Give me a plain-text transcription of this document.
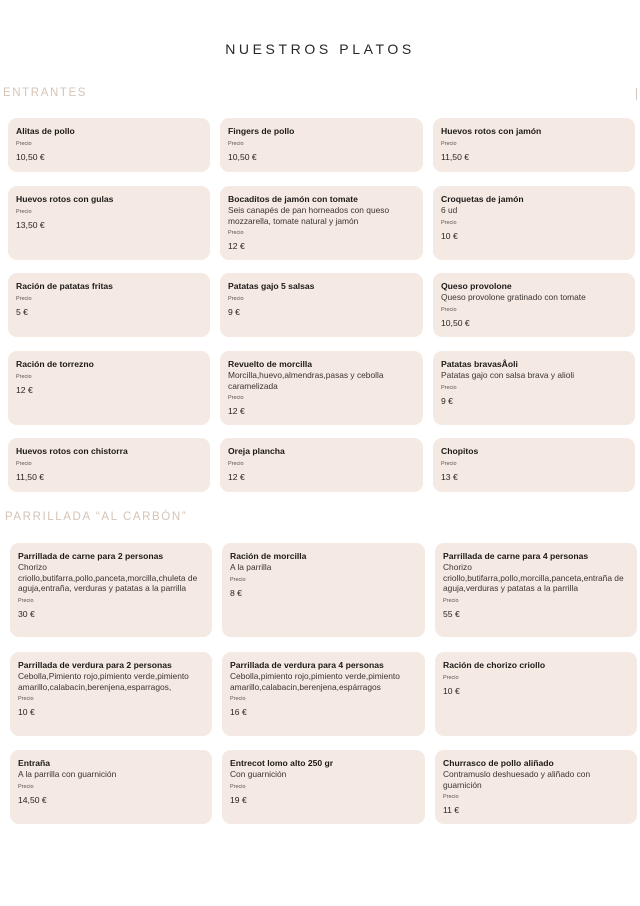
NUESTROS PLATOS
ENTRANTES
PARRILLADA “AL CARBÓN”
Alitas de pollo
Precio
10,50 €
Fingers de pollo
Precio
10,50 €
Huevos rotos con jamón
Precio
11,50 €
Huevos rotos con gulas
Precio
13,50 €
Bocaditos de jamón con tomate
Seis canapés de pan horneados con queso mozzarella, tomate natural y jamón
Precio
12 €
Croquetas de jamón
6 ud
Precio
10 €
Ración de patatas fritas
Precio
5 €
Patatas gajo 5 salsas
Precio
9 €
Queso provolone
Queso provolone gratinado con tomate
Precio
10,50 €
Ración de torrezno
Precio
12 €
Revuelto de morcilla
Morcilla,huevo,almendras,pasas y cebolla caramelizada
Precio
12 €
Patatas bravasÂoli
Patatas gajo con salsa brava y alioli
Precio
9 €
Huevos rotos con chistorra
Precio
11,50 €
Oreja plancha
Precio
12 €
Chopitos
Precio
13 €
Parrillada de carne para 2 personas
Chorizo criollo,butifarra,pollo,panceta,morcilla,chuleta de aguja,entraña, verduras y patatas a la parrilla
Precio
30 €
Ración de morcilla
A la parrilla
Precio
8 €
Parrillada de carne para 4 personas
Chorizo criollo,butifarra,pollo,morcilla,panceta,entraña de aguja,verduras y patatas a la parrilla
Precio
55 €
Parrillada de verdura para 2 personas
Cebolla,Pimiento rojo,pimiento verde,pimiento amarillo,calabacin,berenjena,esparragos,
Precio
10 €
Parrillada de verdura para 4 personas
Cebolla,pimiento rojo,pimiento verde,pimiento amarillo,calabacin,berenjena,espárragos
Precio
16 €
Ración de chorizo criollo
Precio
10 €
Entraña
A la parrilla con guarnición
Precio
14,50 €
Entrecot lomo alto 250 gr
Con guarnición
Precio
19 €
Churrasco de pollo aliñado
Contramuslo deshuesado y aliñado con guarnición
Precio
11 €
